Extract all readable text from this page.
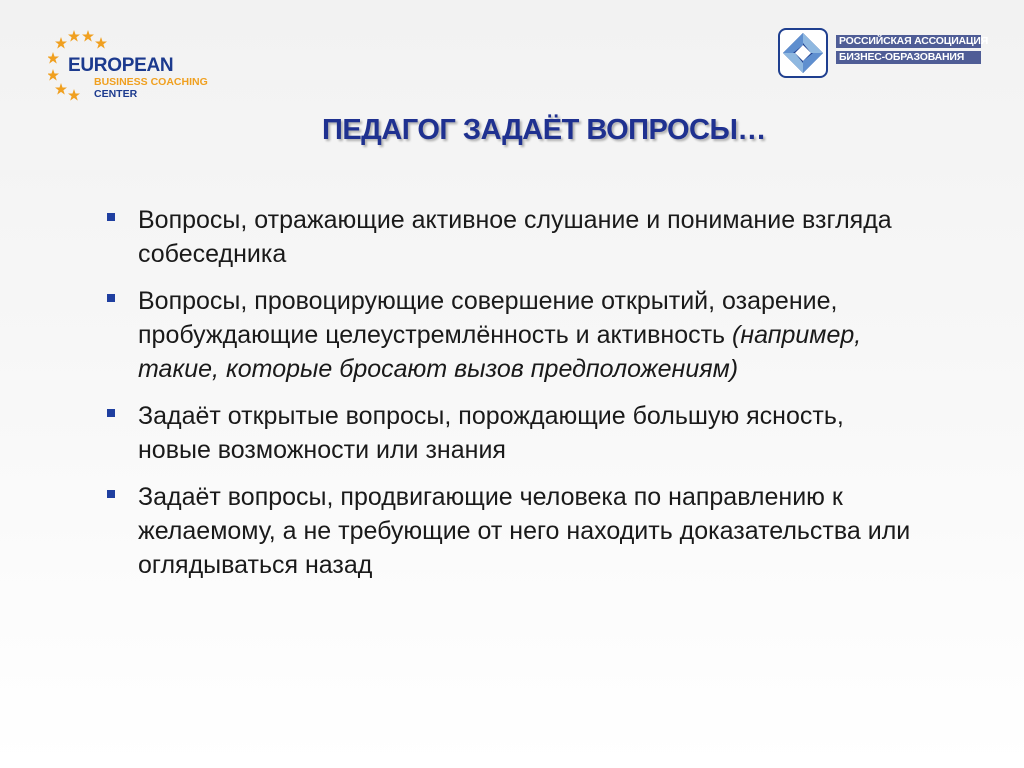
EUROPEAN
BUSINESS COACHING
CENTER
РОССИЙСКАЯ АССОЦИАЦИЯ
БИЗНЕС-ОБРАЗОВАНИЯ
ПЕДАГОГ ЗАДАЁТ ВОПРОСЫ…
Вопросы, отражающие активное слушание и понимание взгляда собеседника
Вопросы, провоцирующие совершение открытий, озарение, пробуждающие целеустремлённость и активность (например, такие, которые бросают вызов предположениям)
Задаёт открытые вопросы, порождающие большую ясность, новые возможности или знания
Задаёт вопросы, продвигающие человека по направлению к желаемому, а не требующие от него находить доказательства или оглядываться назад
